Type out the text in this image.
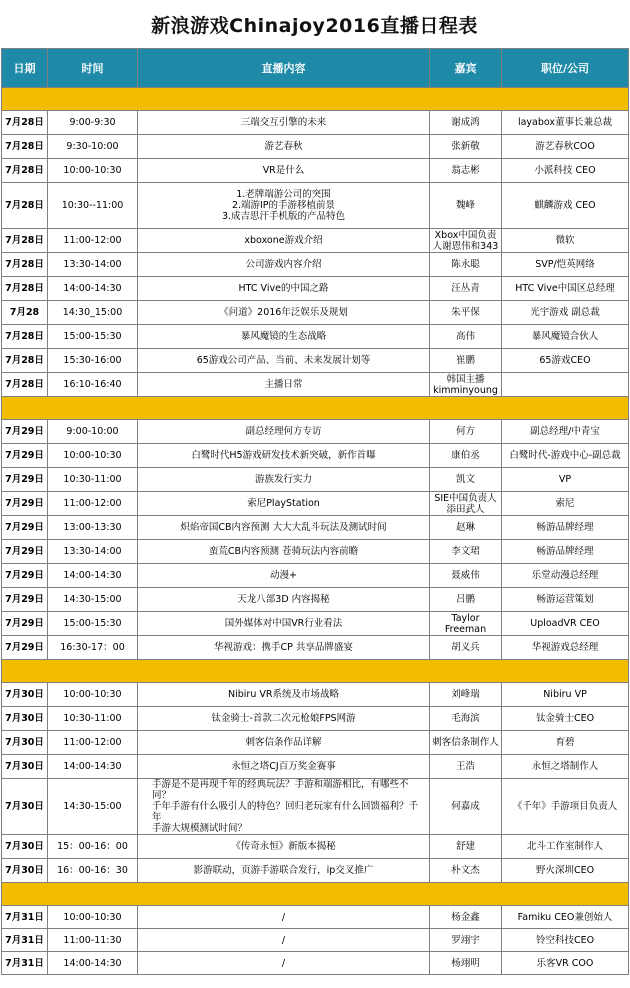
新浪游戏Chinajoy2016直播日程表
日期	时间	直播内容	嘉宾	职位/公司

7月28日	9:00-9:30	三端交互引擎的未来	谢成鸿	layabox董事长兼总裁
7月28日	9:30-10:00	游艺春秋	张新敬	游艺春秋COO
7月28日	10:00-10:30	VR是什么	翁志彬	小派科技 CEO
7月28日	10:30--11:00	1.老牌端游公司的突围
2.端游IP的手游移植前景
3.成吉思汗手机版的产品特色	魏峰	麒麟游戏 CEO
7月28日	11:00-12:00	xboxone游戏介绍	Xbox中国负责
人谢恩伟和343	微软
7月28日	13:30-14:00	公司游戏内容介绍	陈永聪	SVP/恺英网络
7月28日	14:00-14:30	HTC Vive的中国之路	汪丛青	HTC Vive中国区总经理
7月28	14:30_15:00	《问道》2016年泛娱乐及规划	朱平保	光宇游戏 副总裁
7月28日	15:00-15:30	暴风魔镜的生态战略	高伟	暴风魔镜合伙人
7月28日	15:30-16:00	65游戏公司产品、当前、未来发展计划等	崔鹏	65游戏CEO
7月28日	16:10-16:40	主播日常	韩国主播
kimminyoung	

7月29日	9:00-10:00	副总经理何方专访	何方	副总经理/中青宝
7月29日	10:00-10:30	白鹭时代H5游戏研发技术新突破，新作首曝	康伯丞	白鹭时代-游戏中心-副总裁
7月29日	10:30-11:00	游族发行实力	凯文	VP
7月29日	11:00-12:00	索尼PlayStation	SIE中国负责人
添田武人	索尼
7月29日	13:00-13:30	炽焰帝国CB内容预测 大大大乱斗玩法及测试时间	赵琳	畅游品牌经理
7月29日	13:30-14:00	蛮荒CB内容预测 苍骑玩法内容前瞻	李文珺	畅游品牌经理
7月29日	14:00-14:30	动漫+	聂威伟	乐堂动漫总经理
7月29日	14:30-15:00	天龙八部3D 内容揭秘	吕鹏	畅游运营策划
7月29日	15:00-15:30	国外媒体对中国VR行业看法	Taylor
Freeman	UploadVR CEO
7月29日	16:30-17：00	华视游戏：携手CP 共享品牌盛宴	胡义兵	华视游戏总经理

7月30日	10:00-10:30	Nibiru VR系统及市场战略	刘峰瑞	Nibiru VP
7月30日	10:30-11:00	钛金骑士-首款二次元枪娘FPS网游	毛海滨	钛金骑士CEO
7月30日	11:00-12:00	刺客信条作品详解	刺客信条制作人	育碧
7月30日	14:00-14:30	永恒之塔CJ百万奖金赛事	王浩	永恒之塔制作人
7月30日	14:30-15:00	手游是不是再现千年的经典玩法？手游和端游相比，有哪些不同？
千年手游有什么吸引人的特色？回归老玩家有什么回馈福利？千年
手游大规模测试时间？	何嘉成	《千年》手游项目负责人
7月30日	15：00-16：00	《传奇永恒》新版本揭秘	舒建	北斗工作室制作人
7月30日	16：00-16：30	影游联动，页游手游联合发行，ip交叉推广	朴文杰	野火深圳CEO

7月31日	10:00-10:30	/	杨金鑫	Famiku CEO兼创始人
7月31日	11:00-11:30	/	罗翊宇	铃空科技CEO
7月31日	14:00-14:30	/	杨翊明	乐客VR COO
